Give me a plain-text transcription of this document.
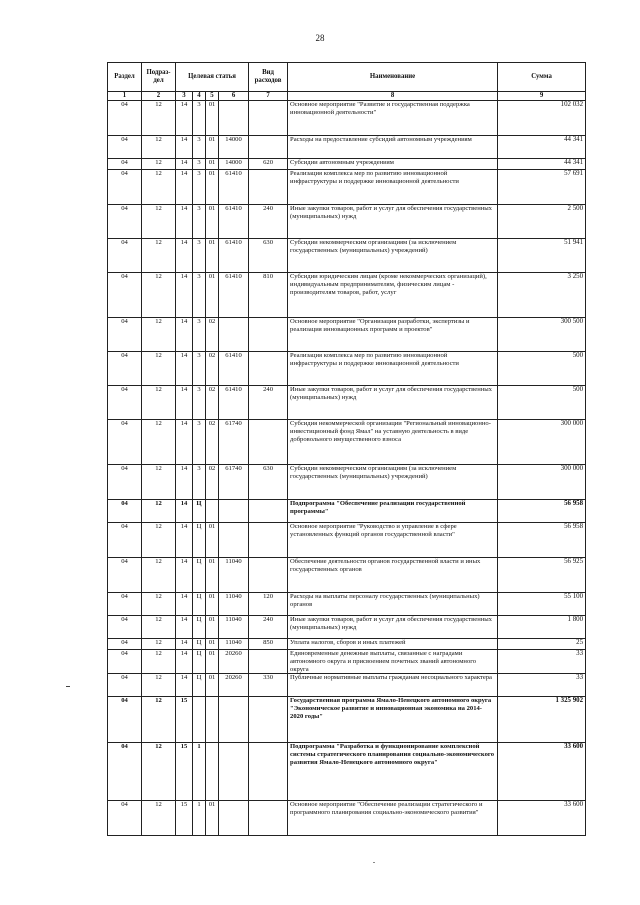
28
Раздел	Подраз-дел	Целевая статья				Вид расходов	Наименование	Сумма
1	2	3	4	5	6	7	8	9
04	12	14	3	01			Основное мероприятие "Развитие и государственная поддержка инновационной деятельности"	102 032
04	12	14	3	01	14000		Расходы на предоставление субсидий автономным учреждениям	44 341
04	12	14	3	01	14000	620	Субсидии автономным учреждениям	44 341
04	12	14	3	01	61410		Реализация комплекса мер по развитию инновационной инфраструктуры и поддержке инновационной деятельности	57 691
04	12	14	3	01	61410	240	Иные закупки товаров, работ и услуг для обеспечения государственных (муниципальных) нужд	2 500
04	12	14	3	01	61410	630	Субсидии некоммерческим организациям (за исключением государственных (муниципальных) учреждений)	51 941
04	12	14	3	01	61410	810	Субсидии юридическим лицам (кроме некоммерческих организаций), индивидуальным предпринимателям, физическим лицам - производителям товаров, работ, услуг	3 250
04	12	14	3	02			Основное мероприятие "Организация разработки, экспертизы и реализация инновационных программ и проектов"	300 500
04	12	14	3	02	61410		Реализация комплекса мер по развитию инновационной инфраструктуры и поддержке инновационной деятельности	500
04	12	14	3	02	61410	240	Иные закупки товаров, работ и услуг для обеспечения государственных (муниципальных) нужд	500
04	12	14	3	02	61740		Субсидия некоммерческой организации "Региональный инновационно-инвестиционный фонд Ямал" на уставную деятельность в виде добровольного имущественного взноса	300 000
04	12	14	3	02	61740	630	Субсидии некоммерческим организациям (за исключением государственных (муниципальных) учреждений)	300 000
04	12	14	Ц				Подпрограмма "Обеспечение реализации государственной программы"	56 958
04	12	14	Ц	01			Основное мероприятие "Руководство и управление в сфере установленных функций органов государственной власти"	56 958
04	12	14	Ц	01	11040		Обеспечение деятельности органов государственной власти и иных государственных органов	56 925
04	12	14	Ц	01	11040	120	Расходы на выплаты персоналу государственных (муниципальных) органов	55 100
04	12	14	Ц	01	11040	240	Иные закупки товаров, работ и услуг для обеспечения государственных (муниципальных) нужд	1 800
04	12	14	Ц	01	11040	850	Уплата налогов, сборов и иных платежей	25
04	12	14	Ц	01	20260		Единовременные денежные выплаты, связанные с наградами автономного округа и присвоением почетных званий автономного округа	33
04	12	14	Ц	01	20260	330	Публичные нормативные выплаты гражданам несоциального характера	33
04	12	15					Государственная программа Ямало-Ненецкого автономного округа "Экономическое развитие и инновационная экономика на 2014-2020 годы"	1 325 902
04	12	15	1				Подпрограмма "Разработка и функционирование комплексной системы стратегического планирования социально-экономического развития Ямало-Ненецкого автономного округа"	33 600
04	12	15	1	01			Основное мероприятие "Обеспечение реализации стратегического и программного планирования социально-экономического развития"	33 600
